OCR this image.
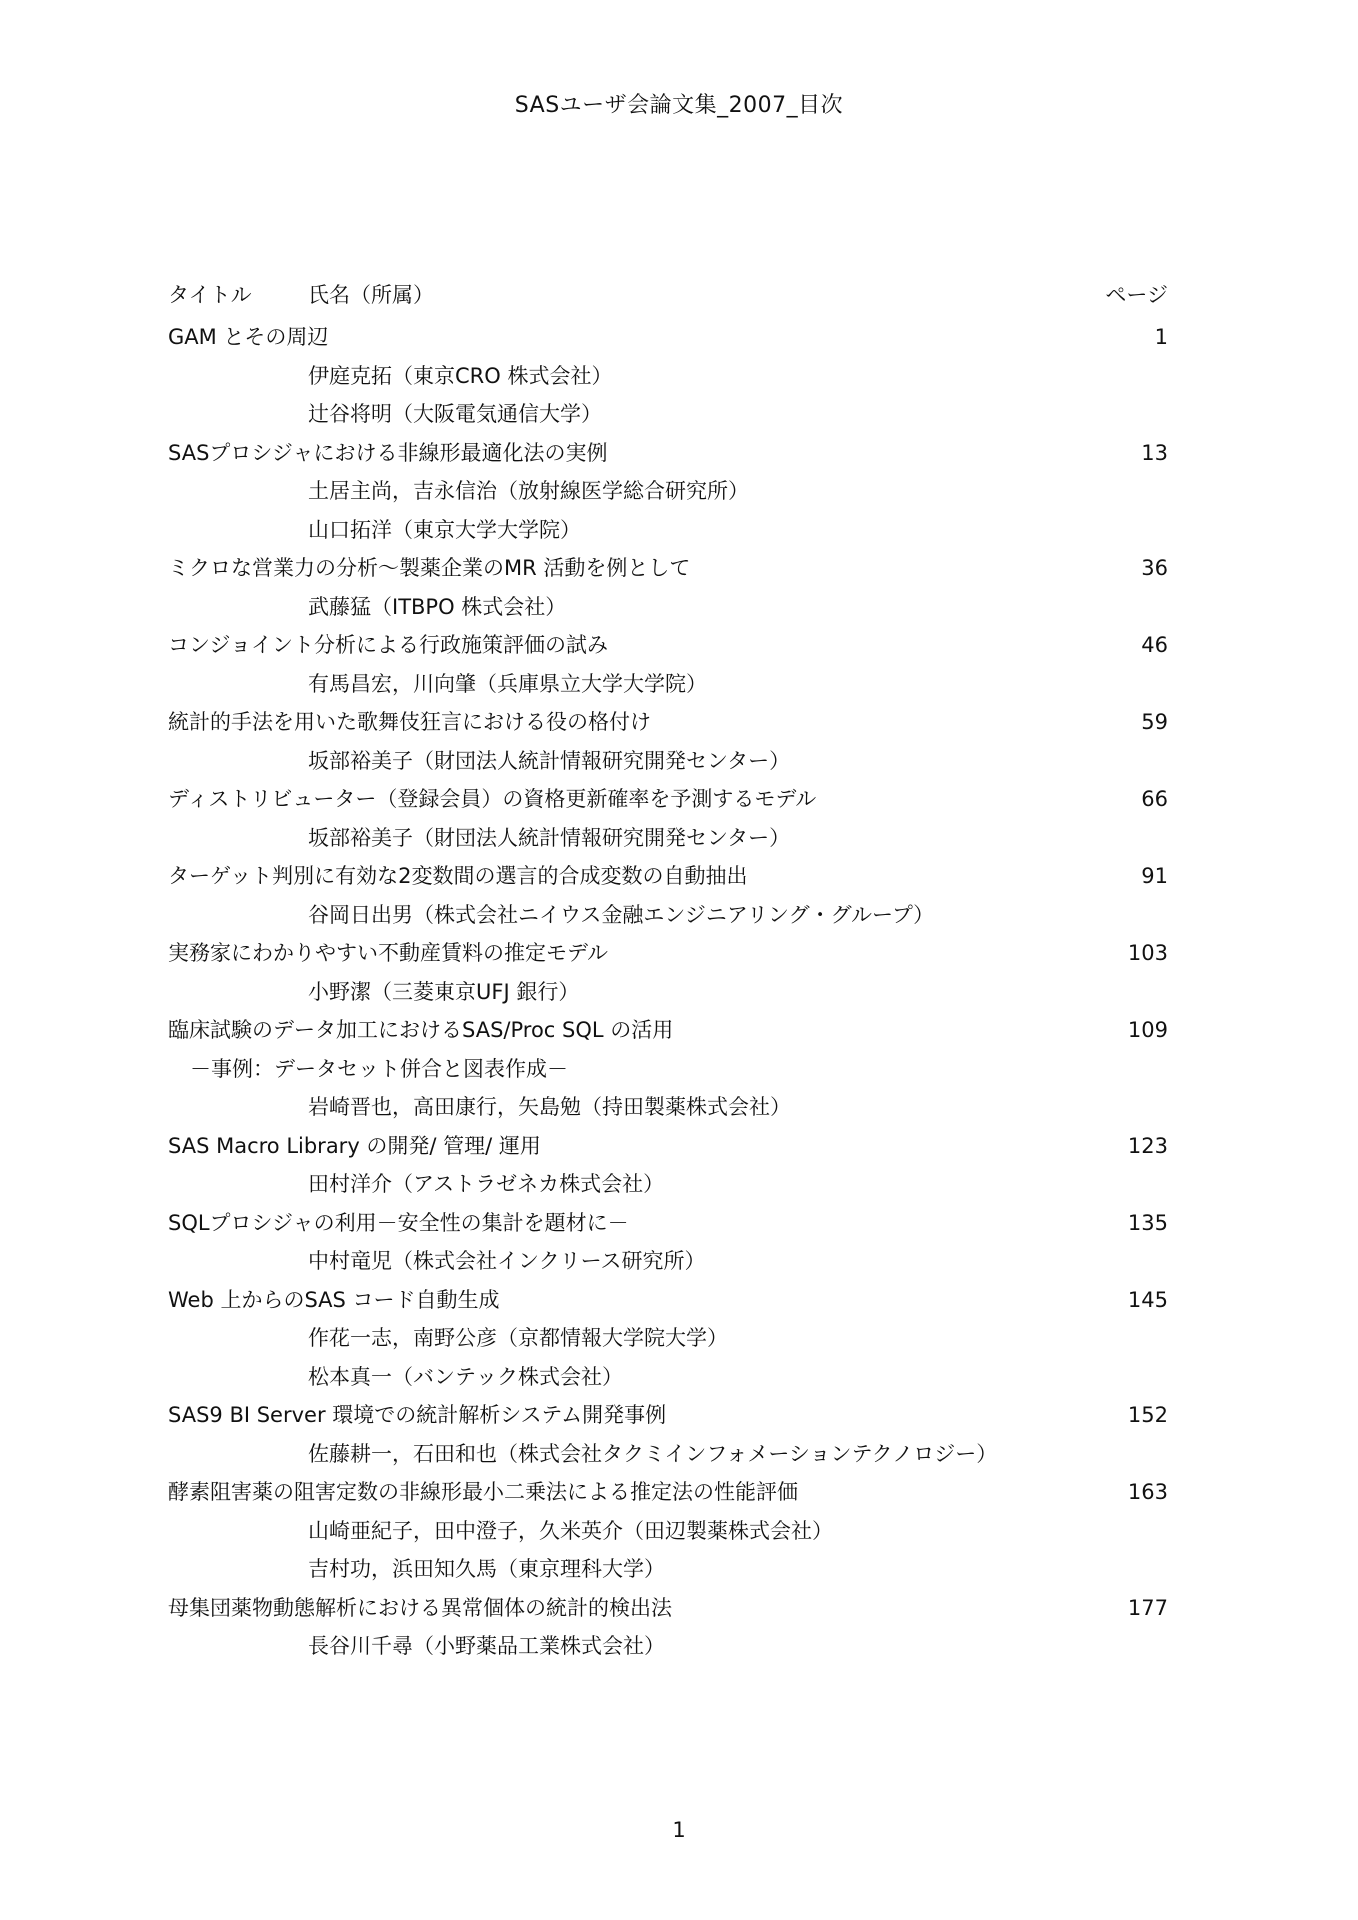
SASユーザ会論文集_2007_目次
タイトル	氏名（所属）	ページ
GAM とその周辺	1
伊庭克拓（東京CRO 株式会社）
辻谷将明（大阪電気通信大学）
SASプロシジャにおける非線形最適化法の実例	13
土居主尚，吉永信治（放射線医学総合研究所）
山口拓洋（東京大学大学院）
ミクロな営業力の分析～製薬企業のMR 活動を例として	36
武藤猛（ITBPO 株式会社）
コンジョイント分析による行政施策評価の試み	46
有馬昌宏，川向肇（兵庫県立大学大学院）
統計的手法を用いた歌舞伎狂言における役の格付け	59
坂部裕美子（財団法人統計情報研究開発センター）
ディストリビューター（登録会員）の資格更新確率を予測するモデル	66
坂部裕美子（財団法人統計情報研究開発センター）
ターゲット判別に有効な2変数間の選言的合成変数の自動抽出	91
谷岡日出男（株式会社ニイウス金融エンジニアリング・グループ）
実務家にわかりやすい不動産賃料の推定モデル	103
小野潔（三菱東京UFJ 銀行）
臨床試験のデータ加工におけるSAS/Proc SQL の活用	109
－事例：データセット併合と図表作成－
岩崎晋也，高田康行，矢島勉（持田製薬株式会社）
SAS Macro Library の開発/ 管理/ 運用	123
田村洋介（アストラゼネカ株式会社）
SQLプロシジャの利用－安全性の集計を題材に－	135
中村竜児（株式会社インクリース研究所）
Web 上からのSAS コード自動生成	145
作花一志，南野公彦（京都情報大学院大学）
松本真一（バンテック株式会社）
SAS9 BI Server 環境での統計解析システム開発事例	152
佐藤耕一，石田和也（株式会社タクミインフォメーションテクノロジー）
酵素阻害薬の阻害定数の非線形最小二乗法による推定法の性能評価	163
山崎亜紀子，田中澄子，久米英介（田辺製薬株式会社）
吉村功，浜田知久馬（東京理科大学）
母集団薬物動態解析における異常個体の統計的検出法	177
長谷川千尋（小野薬品工業株式会社）
1
